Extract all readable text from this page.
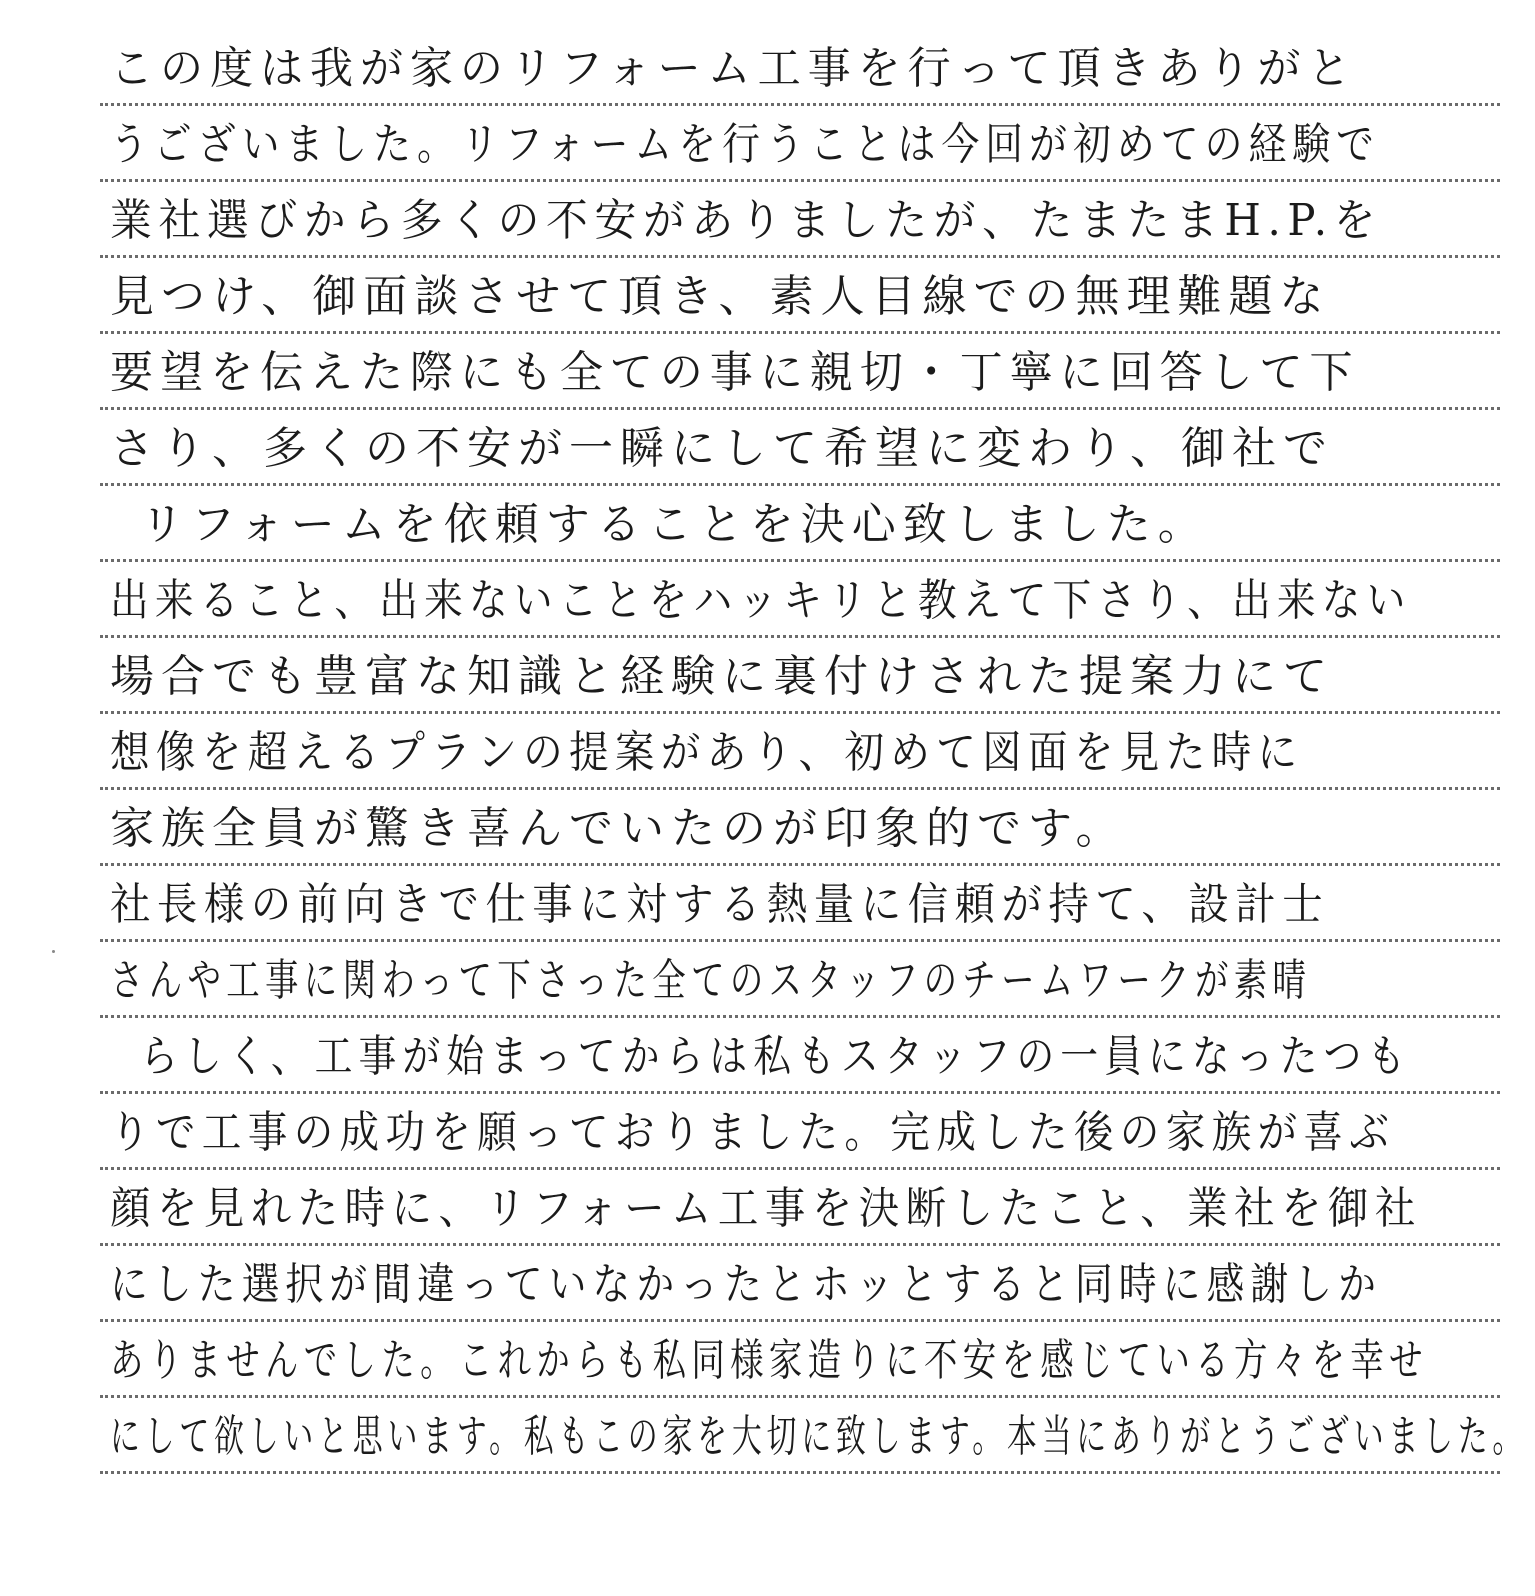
この度は我が家のリフォーム工事を行って頂きありがと
うございました。リフォームを行うことは今回が初めての経験で
業社選びから多くの不安がありましたが、たまたまH.P.を
見つけ、御面談させて頂き、素人目線での無理難題な
要望を伝えた際にも全ての事に親切・丁寧に回答して下
さり、多くの不安が一瞬にして希望に変わり、御社で
リフォームを依頼することを決心致しました。
出来ること、出来ないことをハッキリと教えて下さり、出来ない
場合でも豊富な知識と経験に裏付けされた提案力にて
想像を超えるプランの提案があり、初めて図面を見た時に
家族全員が驚き喜んでいたのが印象的です。
社長様の前向きで仕事に対する熱量に信頼が持て、設計士
さんや工事に関わって下さった全てのスタッフのチームワークが素晴
らしく、工事が始まってからは私もスタッフの一員になったつも
りで工事の成功を願っておりました。完成した後の家族が喜ぶ
顔を見れた時に、リフォーム工事を決断したこと、業社を御社
にした選択が間違っていなかったとホッとすると同時に感謝しか
ありませんでした。これからも私同様家造りに不安を感じている方々を幸せ
にして欲しいと思います。私もこの家を大切に致します。本当にありがとうございました。
